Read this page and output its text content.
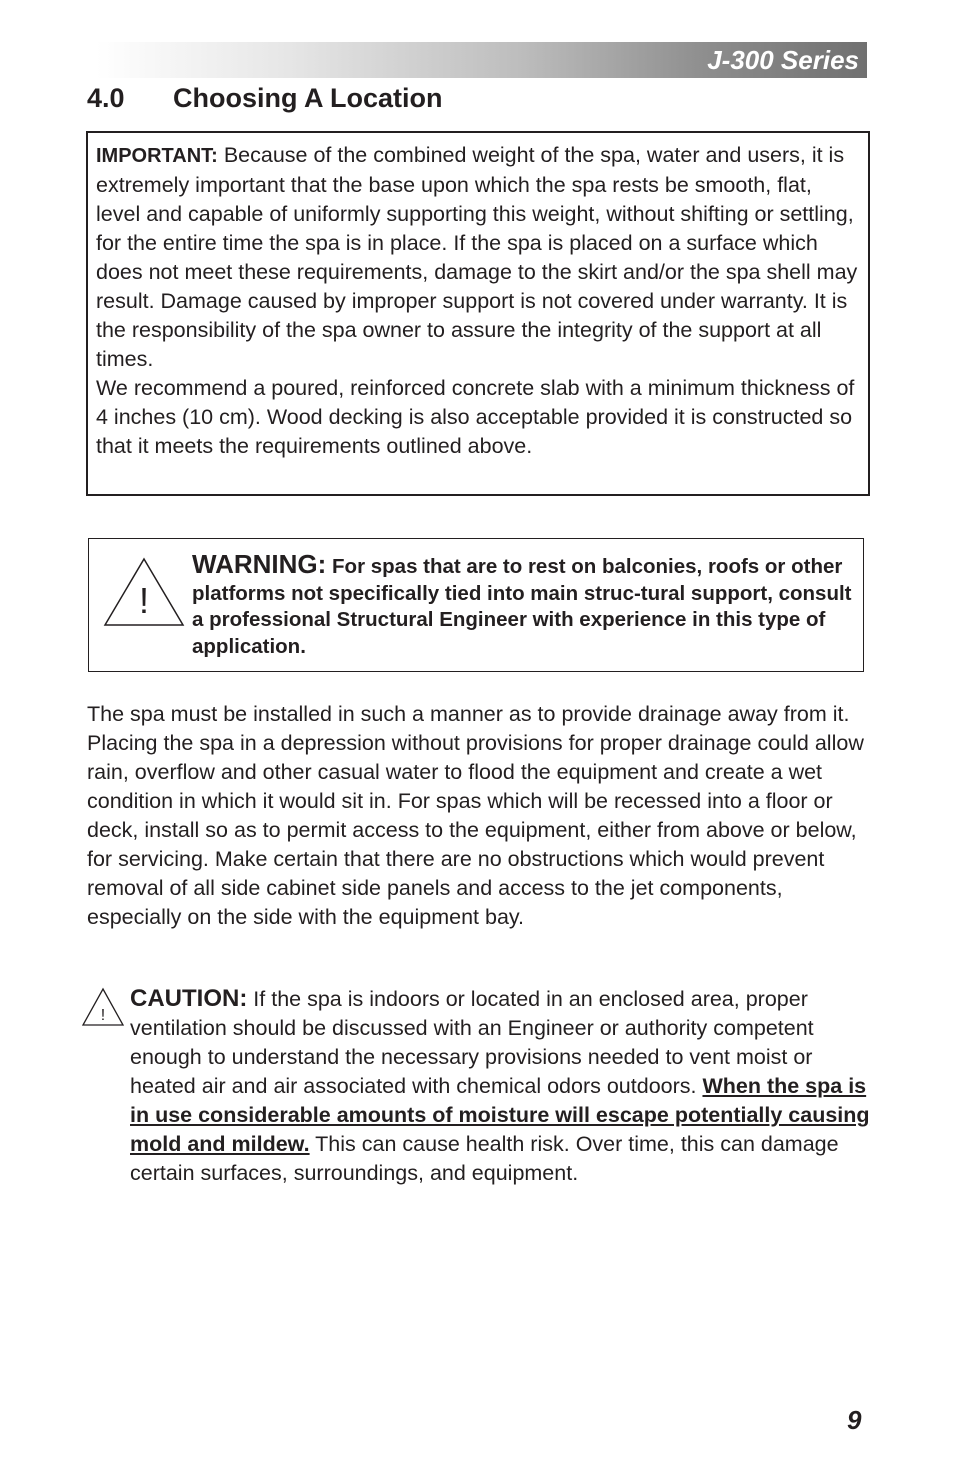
J-300 Series
4.0 Choosing A Location

IMPORTANT: Because of the combined weight of the spa, water and users, it is extremely important that the base upon which the spa rests be smooth, flat, level and capable of uniformly supporting this weight, without shifting or settling, for the entire time the spa is in place. If the spa is placed on a surface which does not meet these requirements, damage to the skirt and/or the spa shell may result. Damage caused by improper support is not covered under warranty. It is the responsibility of the spa owner to assure the integrity of the support at all times.

We recommend a poured, reinforced concrete slab with a minimum thickness of 4 inches (10 cm). Wood decking is also acceptable provided it is constructed so that it meets the requirements outlined above.

!
WARNING: For spas that are to rest on balconies, roofs or other platforms not specifically tied into main struc-tural support, consult a professional Structural Engineer with experience in this type of application.

The spa must be installed in such a manner as to provide drainage away from it. Placing the spa in a depression without provisions for proper drainage could allow rain, overflow and other casual water to flood the equipment and create a wet condition in which it would sit in. For spas which will be recessed into a floor or deck, install so as to permit access to the equipment, either from above or below, for servicing. Make certain that there are no obstructions which would prevent removal of all side cabinet side panels and access to the jet components, especially on the side with the equipment bay.

!

CAUTION: If the spa is indoors or located in an enclosed area, proper ventilation should be discussed with an Engineer or authority competent enough to understand the necessary provisions needed to vent moist or heated air and air associated with chemical odors outdoors. When the spa is in use considerable amounts of moisture will escape potentially causing mold and mildew. This can cause health risk. Over time, this can damage certain surfaces, surroundings, and equipment.

9
